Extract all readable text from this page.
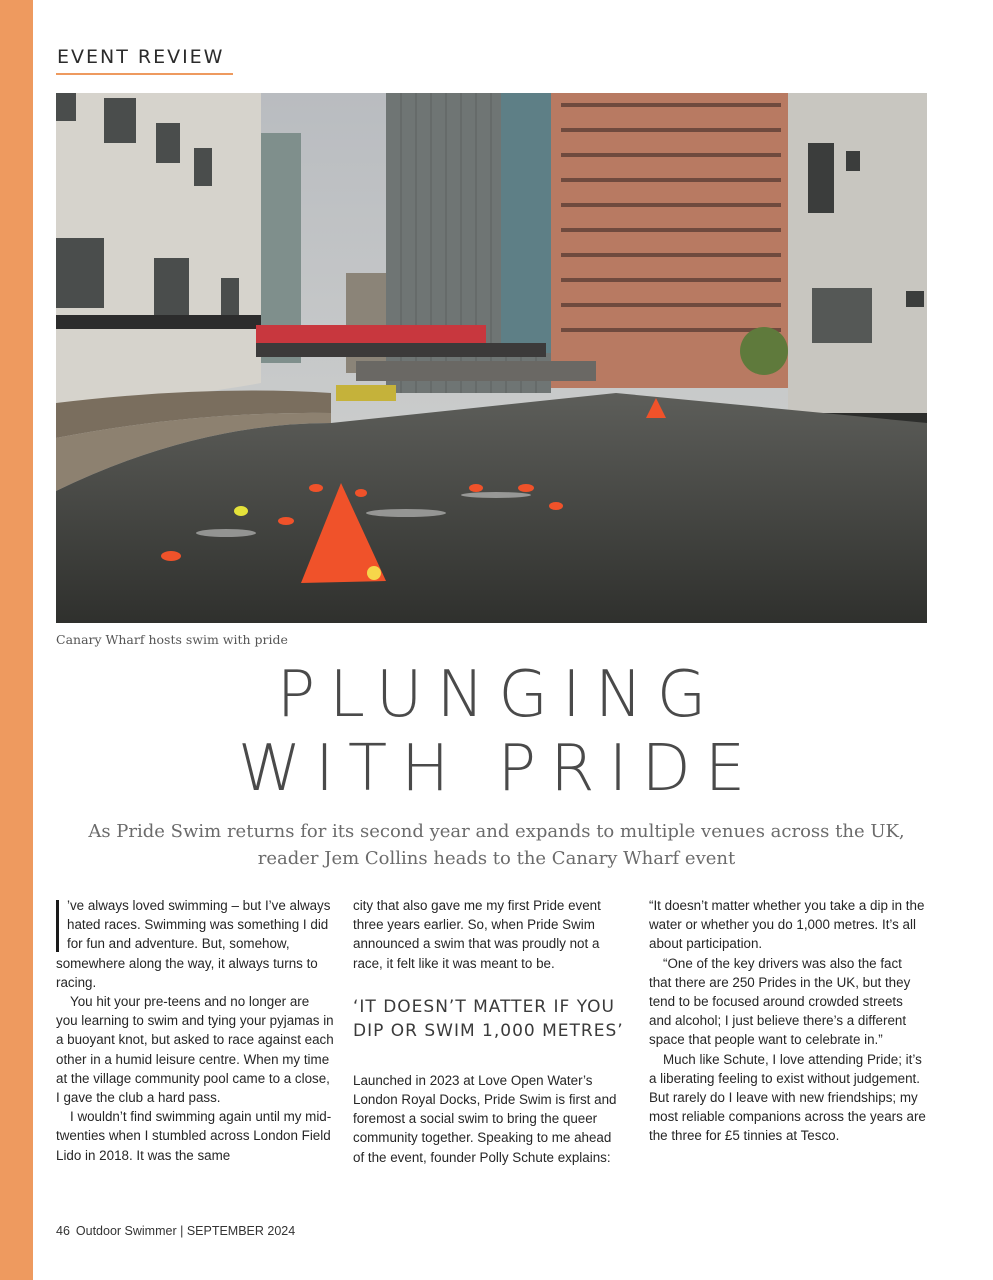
EVENT REVIEW
Canary Wharf hosts swim with pride
PLUNGING
WITH PRIDE
As Pride Swim returns for its second year and expands to multiple venues across the UK, reader Jem Collins heads to the Canary Wharf event

’ve always loved swimming – but I’ve always hated races. Swimming was something I did for fun and adventure. But, somehow, somewhere along the way, it always turns to racing.

You hit your pre-teens and no longer are you learning to swim and tying your pyjamas in a buoyant knot, but asked to race against each other in a humid leisure centre. When my time at the village community pool came to a close, I gave the club a hard pass.

I wouldn’t find swimming again until my mid-twenties when I stumbled across London Field Lido in 2018. It was the same

city that also gave me my first Pride event three years earlier. So, when Pride Swim announced a swim that was proudly not a race, it felt like it was meant to be.

‘IT DOESN’T MATTER IF YOU DIP OR SWIM 1,000 METRES’

Launched in 2023 at Love Open Water’s London Royal Docks, Pride Swim is first and foremost a social swim to bring the queer community together. Speaking to me ahead of the event, founder Polly Schute explains:

“It doesn’t matter whether you take a dip in the water or whether you do 1,000 metres. It’s all about participation.

“One of the key drivers was also the fact that there are 250 Prides in the UK, but they tend to be focused around crowded streets and alcohol; I just believe there’s a different space that people want to celebrate in.”

Much like Schute, I love attending Pride; it’s a liberating feeling to exist without judgement. But rarely do I leave with new friendships; my most reliable companions across the years are the three for £5 tinnies at Tesco.

46 Outdoor Swimmer | SEPTEMBER 2024
